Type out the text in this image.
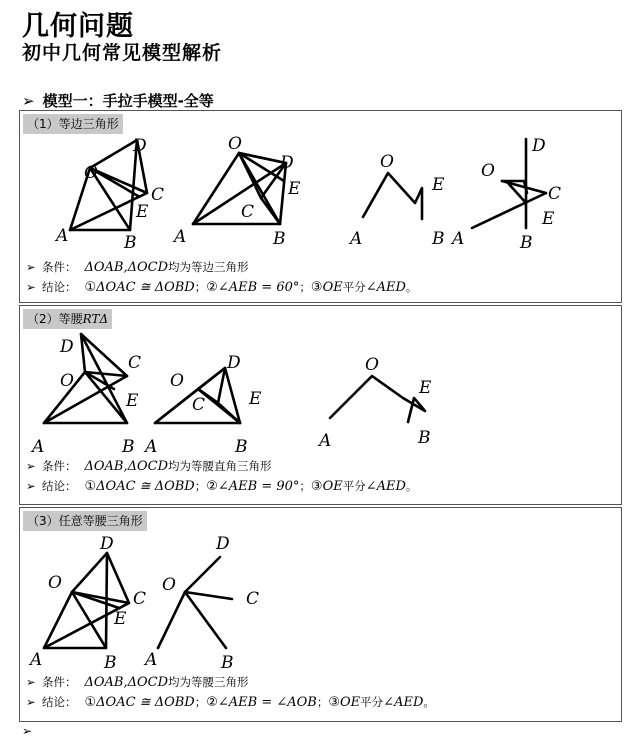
几何问题
初中几何常见模型解析
➢ 模型一：手拉手模型-全等
A	B
C
D
E
O
A	B
C
D
E
O
A	B
E
O
A	B
C
D
E
O
（1）等边三角形
➢ 条件： ΔOAB,ΔOCD均为等边三角形
➢ 结论： ①ΔOAC ≅ ΔOBD；②∠AEB = 60°；③OE平分∠AED。
A	B
C
D
E
O
A	B
C
D
E
O
A	B
E
O
（2）等腰RTΔ
➢ 条件： ΔOAB,ΔOCD均为等腰直角三角形
➢ 结论： ①ΔOAC ≅ ΔOBD；②∠AEB = 90°；③OE平分∠AED。
A	B
C
D
E
O
A	B
C
D
O
（3）任意等腰三角形
➢ 条件： ΔOAB,ΔOCD均为等腰三角形
➢ 结论： ①ΔOAC ≅ ΔOBD；②∠AEB = ∠AOB；③OE平分∠AED。
➢
